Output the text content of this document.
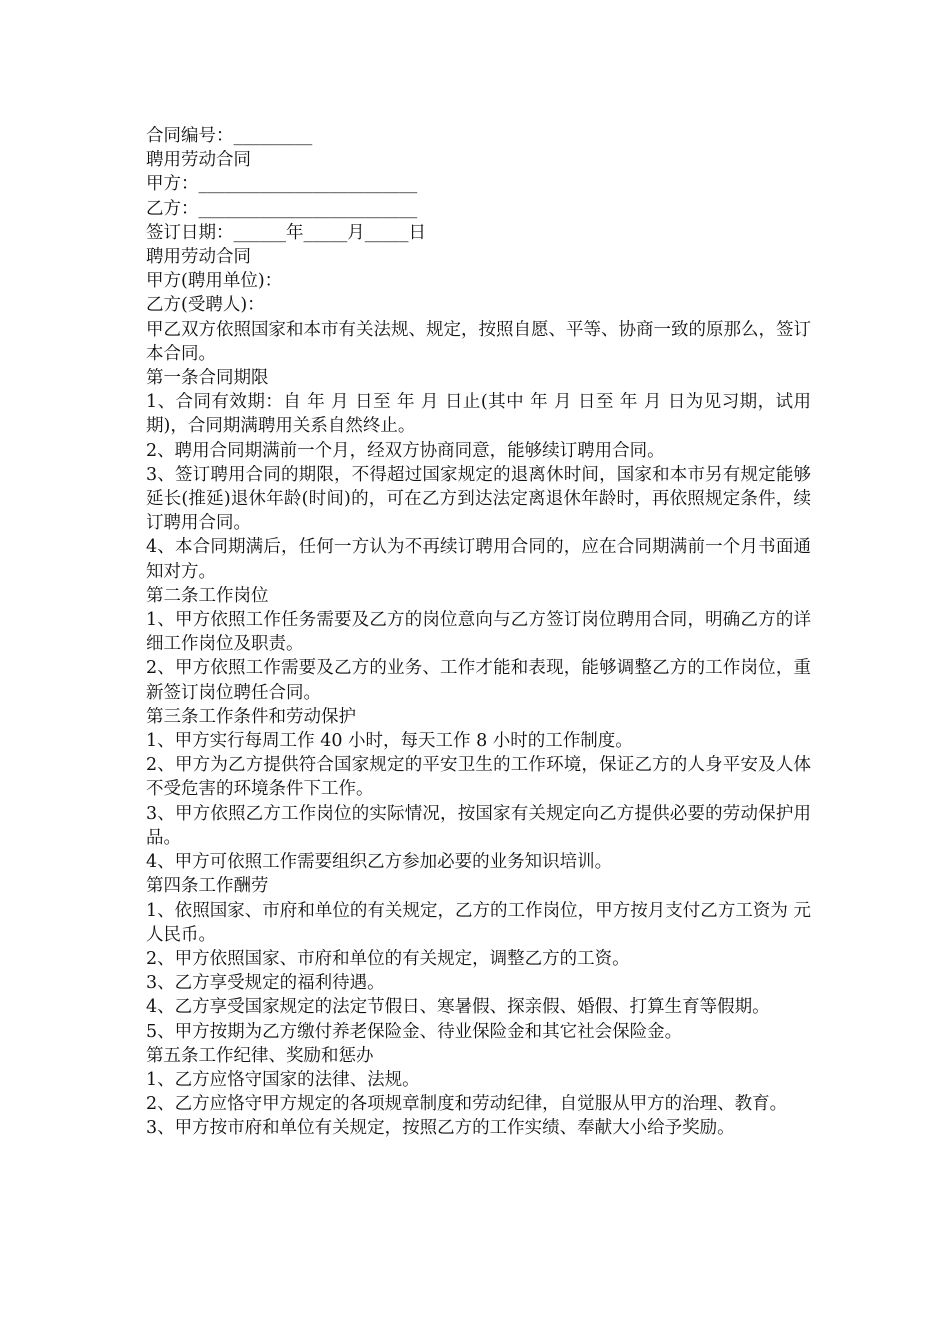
合同编号：_________

聘用劳动合同

甲方：_________________________

乙方：_________________________

签订日期：______年_____月_____日

聘用劳动合同

甲方(聘用单位)：

乙方(受聘人)：

甲乙双方依照国家和本市有关法规、规定，按照自愿、平等、协商一致的原那么，签订本合同。

第一条合同期限

1、合同有效期：自 年 月 日至 年 月 日止(其中 年 月 日至 年 月 日为见习期，试用期)，合同期满聘用关系自然终止。

2、聘用合同期满前一个月，经双方协商同意，能够续订聘用合同。

3、签订聘用合同的期限，不得超过国家规定的退离休时间，国家和本市另有规定能够延长(推延)退休年龄(时间)的，可在乙方到达法定离退休年龄时，再依照规定条件，续订聘用合同。

4、本合同期满后，任何一方认为不再续订聘用合同的，应在合同期满前一个月书面通知对方。

第二条工作岗位

1、甲方依照工作任务需要及乙方的岗位意向与乙方签订岗位聘用合同，明确乙方的详细工作岗位及职责。

2、甲方依照工作需要及乙方的业务、工作才能和表现，能够调整乙方的工作岗位，重新签订岗位聘任合同。

第三条工作条件和劳动保护

1、甲方实行每周工作 40 小时，每天工作 8 小时的工作制度。

2、甲方为乙方提供符合国家规定的平安卫生的工作环境，保证乙方的人身平安及人体不受危害的环境条件下工作。

3、甲方依照乙方工作岗位的实际情况，按国家有关规定向乙方提供必要的劳动保护用品。

4、甲方可依照工作需要组织乙方参加必要的业务知识培训。

第四条工作酬劳

1、依照国家、市府和单位的有关规定，乙方的工作岗位，甲方按月支付乙方工资为 元人民币。

2、甲方依照国家、市府和单位的有关规定，调整乙方的工资。

3、乙方享受规定的福利待遇。

4、乙方享受国家规定的法定节假日、寒暑假、探亲假、婚假、打算生育等假期。

5、甲方按期为乙方缴付养老保险金、待业保险金和其它社会保险金。

第五条工作纪律、奖励和惩办

1、乙方应恪守国家的法律、法规。

2、乙方应恪守甲方规定的各项规章制度和劳动纪律，自觉服从甲方的治理、教育。

3、甲方按市府和单位有关规定，按照乙方的工作实绩、奉献大小给予奖励。
